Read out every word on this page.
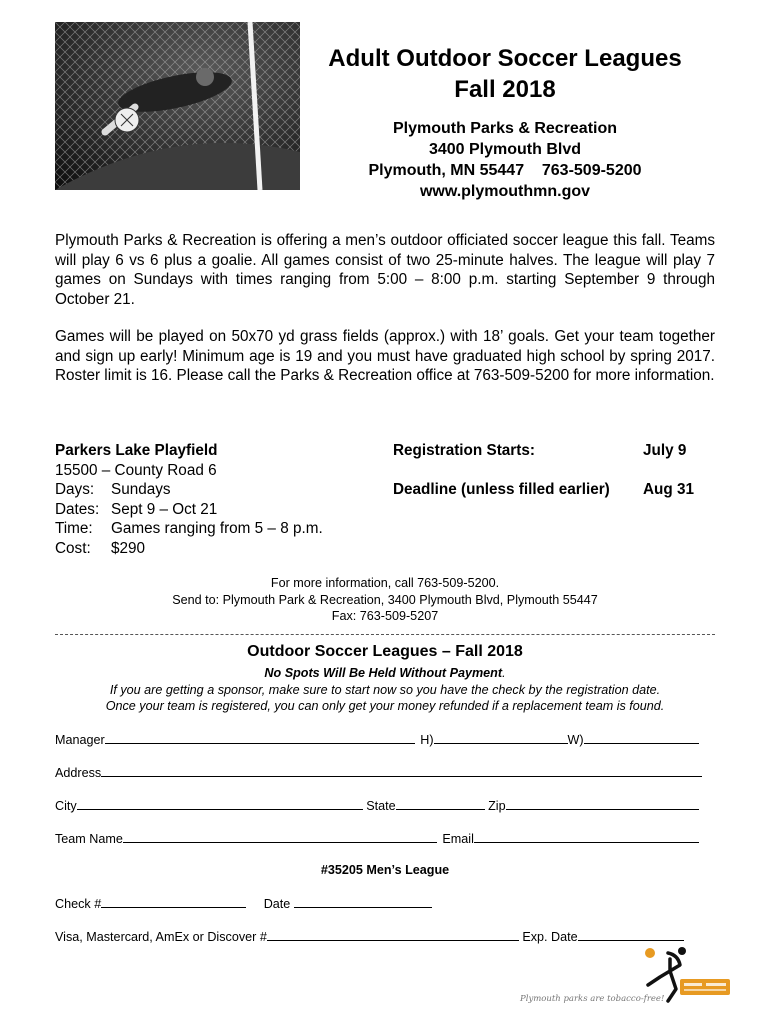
Adult Outdoor Soccer Leagues
Fall 2018
Plymouth Parks & Recreation
3400 Plymouth Blvd
Plymouth, MN 55447    763-509-5200
www.plymouthmn.gov
Plymouth Parks & Recreation is offering a men’s outdoor officiated soccer league this fall. Teams will play 6 vs 6 plus a goalie. All games consist of two 25-minute halves. The league will play 7 games on Sundays with times ranging from 5:00 – 8:00 p.m. starting September 9 through October 21.
Games will be played on 50x70 yd grass fields (approx.) with 18’ goals. Get your team together and sign up early! Minimum age is 19 and you must have graduated high school by spring 2017. Roster limit is 16. Please call the Parks & Recreation office at 763-509-5200 for more information.
Parkers Lake Playfield
15500 – County Road 6
Days: Sundays
Dates: Sept 9 – Oct 21
Time: Games ranging from 5 – 8 p.m.
Cost: $290
Registration Starts:	July 9
Deadline (unless filled earlier) Aug 31
For more information, call 763-509-5200.
Send to: Plymouth Park & Recreation, 3400 Plymouth Blvd, Plymouth 55447
Fax: 763-509-5207
Outdoor Soccer Leagues – Fall 2018
No Spots Will Be Held Without Payment.
If you are getting a sponsor, make sure to start now so you have the check by the registration date.
Once your team is registered, you can only get your money refunded if a replacement team is found.
Manager	H)	W)
Address
City	State	Zip
Team Name	Email
#35205 Men’s League
Check #	Date
Visa, Mastercard, AmEx or Discover #	Exp. Date
Plymouth parks are tobacco-free!
